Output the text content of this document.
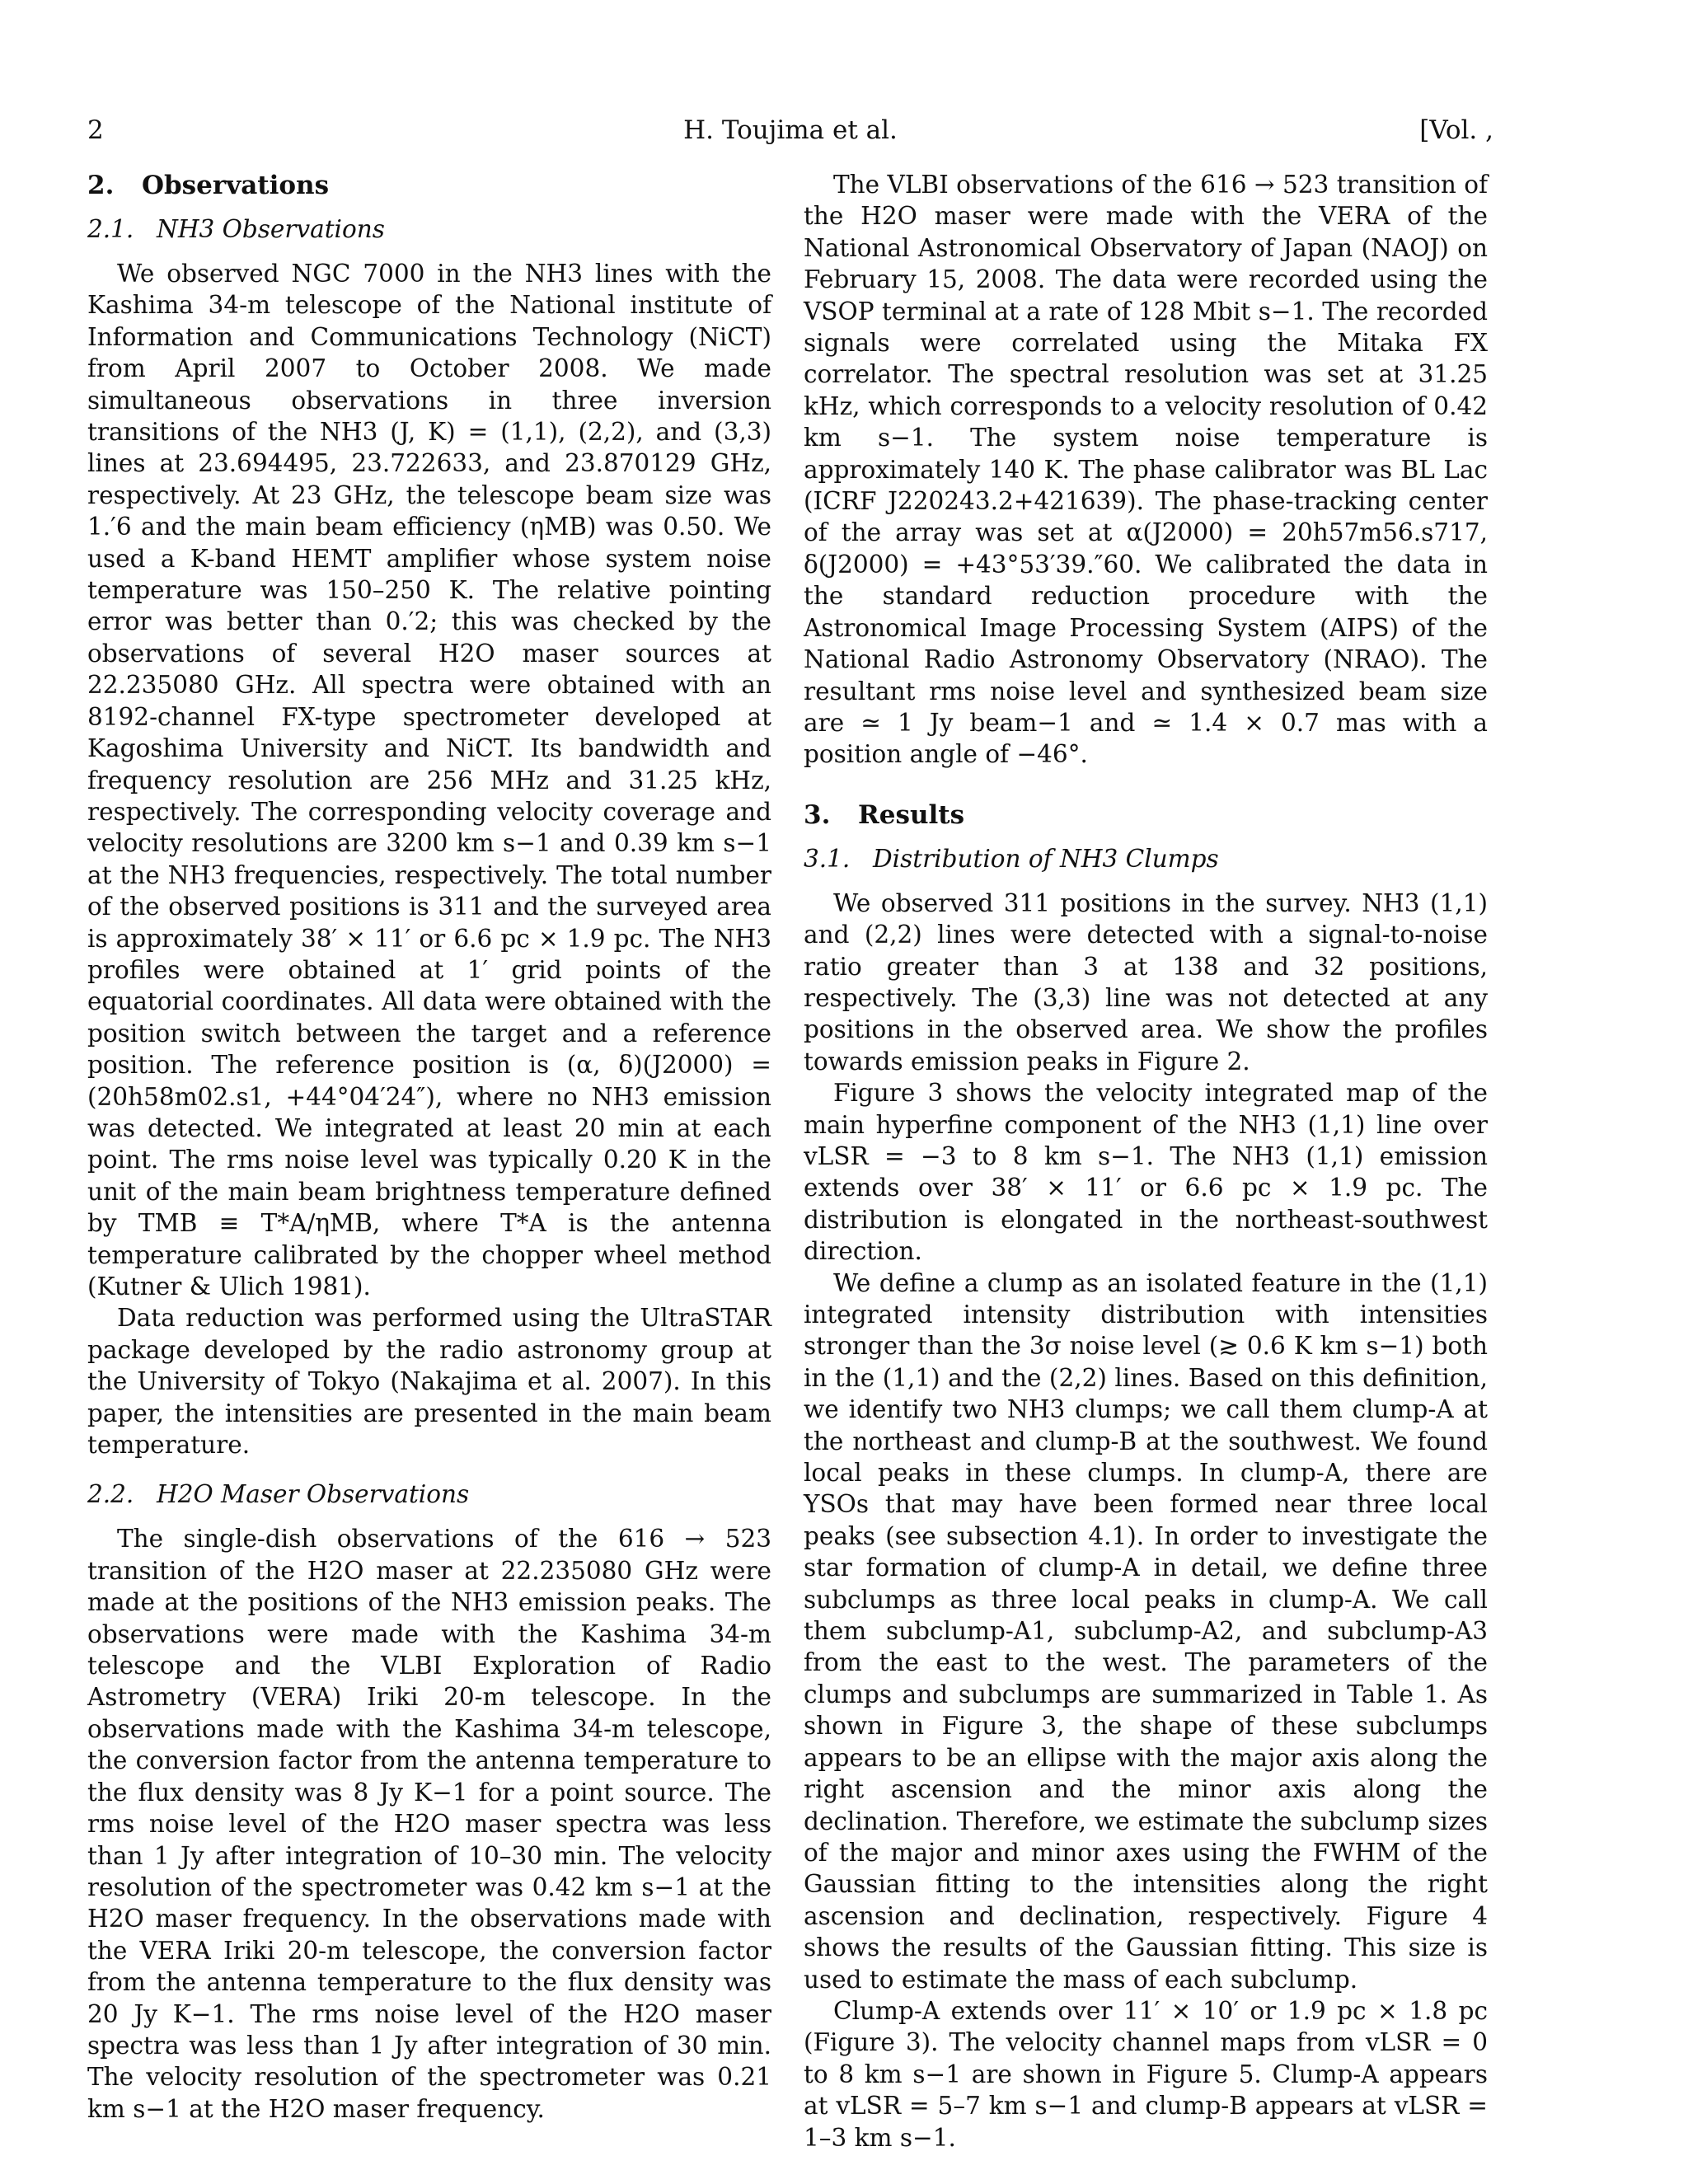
2	H. Toujima et al.	[Vol. ,
2. Observations
2.1. NH3 Observations

We observed NGC 7000 in the NH3 lines with the Kashima 34-m telescope of the National institute of Information and Communications Technology (NiCT) from April 2007 to October 2008. We made simultaneous observations in three inversion transitions of the NH3 (J, K) = (1,1), (2,2), and (3,3) lines at 23.694495, 23.722633, and 23.870129 GHz, respectively. At 23 GHz, the telescope beam size was 1.′6 and the main beam efficiency (ηMB) was 0.50. We used a K-band HEMT amplifier whose system noise temperature was 150–250 K. The relative pointing error was better than 0.′2; this was checked by the observations of several H2O maser sources at 22.235080 GHz. All spectra were obtained with an 8192-channel FX-type spectrometer developed at Kagoshima University and NiCT. Its bandwidth and frequency resolution are 256 MHz and 31.25 kHz, respectively. The corresponding velocity coverage and velocity resolutions are 3200 km s−1 and 0.39 km s−1 at the NH3 frequencies, respectively. The total number of the observed positions is 311 and the surveyed area is approximately 38′ × 11′ or 6.6 pc × 1.9 pc. The NH3 profiles were obtained at 1′ grid points of the equatorial coordinates. All data were obtained with the position switch between the target and a reference position. The reference position is (α, δ)(J2000) = (20h58m02.s1, +44°04′24″), where no NH3 emission was detected. We integrated at least 20 min at each point. The rms noise level was typically 0.20 K in the unit of the main beam brightness temperature defined by TMB ≡ T*A/ηMB, where T*A is the antenna temperature calibrated by the chopper wheel method (Kutner & Ulich 1981).

Data reduction was performed using the UltraSTAR package developed by the radio astronomy group at the University of Tokyo (Nakajima et al. 2007). In this paper, the intensities are presented in the main beam temperature.

2.2. H2O Maser Observations

The single-dish observations of the 616 → 523 transition of the H2O maser at 22.235080 GHz were made at the positions of the NH3 emission peaks. The observations were made with the Kashima 34-m telescope and the VLBI Exploration of Radio Astrometry (VERA) Iriki 20-m telescope. In the observations made with the Kashima 34-m telescope, the conversion factor from the antenna temperature to the flux density was 8 Jy K−1 for a point source. The rms noise level of the H2O maser spectra was less than 1 Jy after integration of 10–30 min. The velocity resolution of the spectrometer was 0.42 km s−1 at the H2O maser frequency. In the observations made with the VERA Iriki 20-m telescope, the conversion factor from the antenna temperature to the flux density was 20 Jy K−1. The rms noise level of the H2O maser spectra was less than 1 Jy after integration of 30 min. The velocity resolution of the spectrometer was 0.21 km s−1 at the H2O maser frequency.

The VLBI observations of the 616 → 523 transition of the H2O maser were made with the VERA of the National Astronomical Observatory of Japan (NAOJ) on February 15, 2008. The data were recorded using the VSOP terminal at a rate of 128 Mbit s−1. The recorded signals were correlated using the Mitaka FX correlator. The spectral resolution was set at 31.25 kHz, which corresponds to a velocity resolution of 0.42 km s−1. The system noise temperature is approximately 140 K. The phase calibrator was BL Lac (ICRF J220243.2+421639). The phase-tracking center of the array was set at α(J2000) = 20h57m56.s717, δ(J2000) = +43°53′39.″60. We calibrated the data in the standard reduction procedure with the Astronomical Image Processing System (AIPS) of the National Radio Astronomy Observatory (NRAO). The resultant rms noise level and synthesized beam size are ≃ 1 Jy beam−1 and ≃ 1.4 × 0.7 mas with a position angle of −46°.

3. Results
3.1. Distribution of NH3 Clumps

We observed 311 positions in the survey. NH3 (1,1) and (2,2) lines were detected with a signal-to-noise ratio greater than 3 at 138 and 32 positions, respectively. The (3,3) line was not detected at any positions in the observed area. We show the profiles towards emission peaks in Figure 2.

Figure 3 shows the velocity integrated map of the main hyperfine component of the NH3 (1,1) line over vLSR = −3 to 8 km s−1. The NH3 (1,1) emission extends over 38′ × 11′ or 6.6 pc × 1.9 pc. The distribution is elongated in the northeast-southwest direction.

We define a clump as an isolated feature in the (1,1) integrated intensity distribution with intensities stronger than the 3σ noise level (≳ 0.6 K km s−1) both in the (1,1) and the (2,2) lines. Based on this definition, we identify two NH3 clumps; we call them clump-A at the northeast and clump-B at the southwest. We found local peaks in these clumps. In clump-A, there are YSOs that may have been formed near three local peaks (see subsection 4.1). In order to investigate the star formation of clump-A in detail, we define three subclumps as three local peaks in clump-A. We call them subclump-A1, subclump-A2, and subclump-A3 from the east to the west. The parameters of the clumps and subclumps are summarized in Table 1. As shown in Figure 3, the shape of these subclumps appears to be an ellipse with the major axis along the right ascension and the minor axis along the declination. Therefore, we estimate the subclump sizes of the major and minor axes using the FWHM of the Gaussian fitting to the intensities along the right ascension and declination, respectively. Figure 4 shows the results of the Gaussian fitting. This size is used to estimate the mass of each subclump.

Clump-A extends over 11′ × 10′ or 1.9 pc × 1.8 pc (Figure 3). The velocity channel maps from vLSR = 0 to 8 km s−1 are shown in Figure 5. Clump-A appears at vLSR = 5–7 km s−1 and clump-B appears at vLSR = 1–3 km s−1.
